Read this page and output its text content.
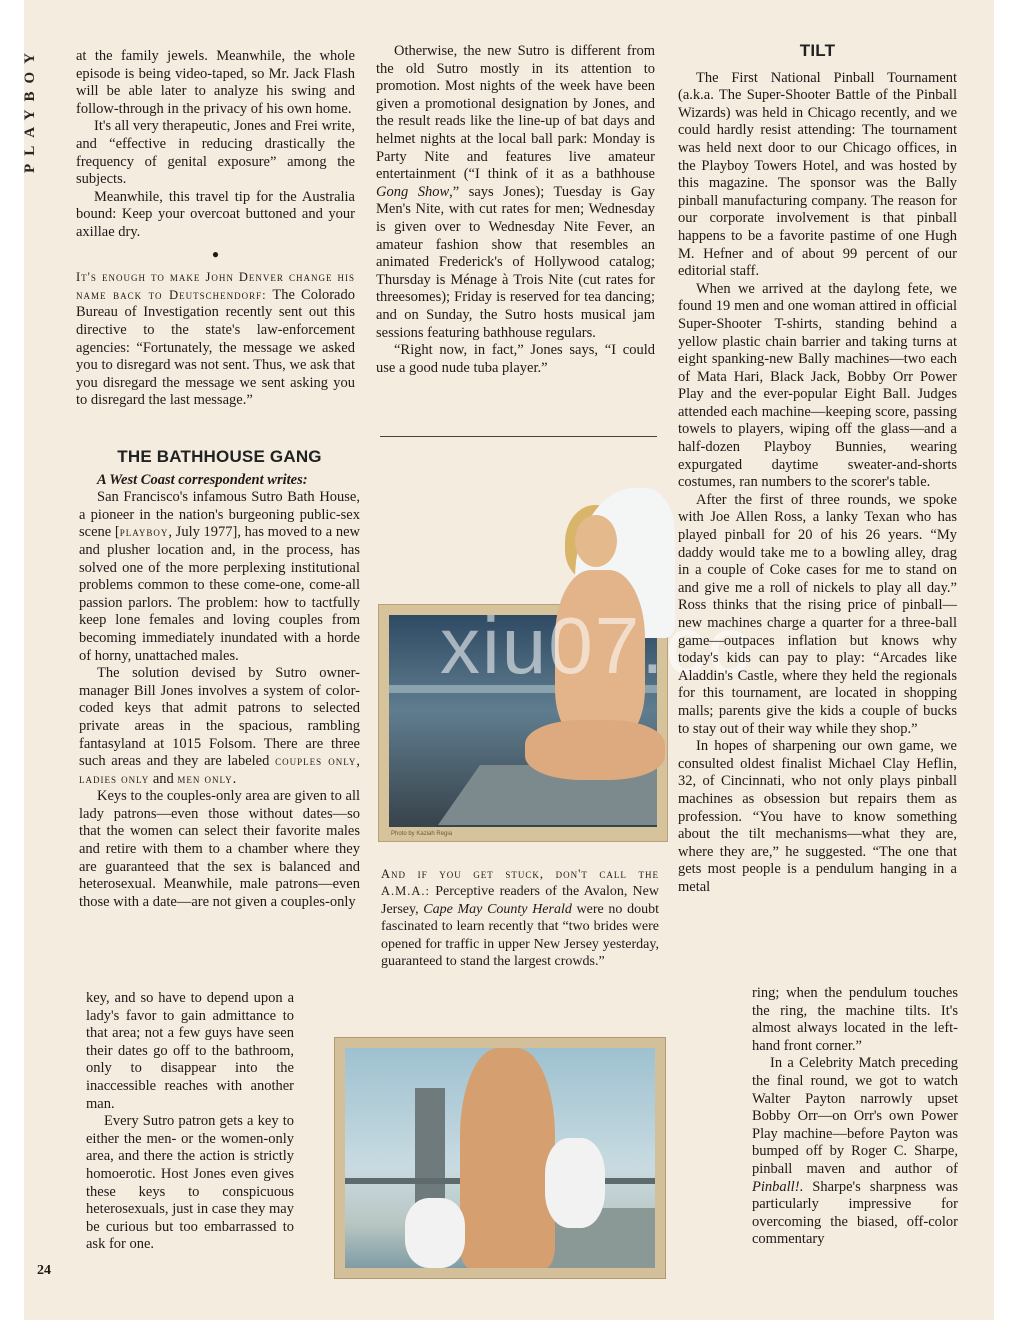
PLAYBOY
24

at the family jewels. Meanwhile, the whole episode is being video-taped, so Mr. Jack Flash will be able later to analyze his swing and follow-through in the privacy of his own home.

It's all very therapeutic, Jones and Frei write, and “effective in reducing drastically the frequency of genital exposure” among the subjects.

Meanwhile, this travel tip for the Australia bound: Keep your overcoat buttoned and your axillae dry.

●

It's enough to make John Denver change his name back to Deutschendorf: The Colorado Bureau of Investigation recently sent out this directive to the state's law-enforcement agencies: “Fortunately, the message we asked you to disregard was not sent. Thus, we ask that you disregard the message we sent asking you to disregard the last message.”

THE BATHHOUSE GANG

A West Coast correspondent writes:

San Francisco's infamous Sutro Bath House, a pioneer in the nation's burgeoning public-sex scene [playboy, July 1977], has moved to a new and plusher location and, in the process, has solved one of the more perplexing institutional problems common to these come-one, come-all passion parlors. The problem: how to tactfully keep lone females and loving couples from becoming immediately inundated with a horde of horny, unattached males.

The solution devised by Sutro owner-manager Bill Jones involves a system of color-coded keys that admit patrons to selected private areas in the spacious, rambling fantasyland at 1015 Folsom. There are three such areas and they are labeled couples only, ladies only and men only.

Keys to the couples-only area are given to all lady patrons—even those without dates—so that the women can select their favorite males and retire with them to a chamber where they are guaranteed that the sex is balanced and heterosexual. Meanwhile, male patrons—even those with a date—are not given a couples-only

key, and so have to depend upon a lady's favor to gain admittance to that area; not a few guys have seen their dates go off to the bathroom, only to disappear into the inaccessible reaches with another man.

Every Sutro patron gets a key to either the men- or the women-only area, and there the action is strictly homoerotic. Host Jones even gives these keys to conspicuous heterosexuals, just in case they may be curious but too embarrassed to ask for one.

Otherwise, the new Sutro is different from the old Sutro mostly in its attention to promotion. Most nights of the week have been given a promotional designation by Jones, and the result reads like the line-up of bat days and helmet nights at the local ball park: Monday is Party Nite and features live amateur entertainment (“I think of it as a bathhouse Gong Show,” says Jones); Tuesday is Gay Men's Nite, with cut rates for men; Wednesday is given over to Wednesday Nite Fever, an amateur fashion show that resembles an animated Frederick's of Hollywood catalog; Thursday is Ménage à Trois Nite (cut rates for threesomes); Friday is reserved for tea dancing; and on Sunday, the Sutro hosts musical jam sessions featuring bathhouse regulars.

“Right now, in fact,” Jones says, “I could use a good nude tuba player.”

Photo by Kaziah Regia
xiu07.co

And if you get stuck, don't call the A.M.A.: Perceptive readers of the Avalon, New Jersey, Cape May County Herald were no doubt fascinated to learn recently that “two brides were opened for traffic in upper New Jersey yesterday, guaranteed to stand the largest crowds.”

TILT

The First National Pinball Tournament (a.k.a. The Super-Shooter Battle of the Pinball Wizards) was held in Chicago recently, and we could hardly resist attending: The tournament was held next door to our Chicago offices, in the Playboy Towers Hotel, and was hosted by this magazine. The sponsor was the Bally pinball manufacturing company. The reason for our corporate involvement is that pinball happens to be a favorite pastime of one Hugh M. Hefner and of about 99 percent of our editorial staff.

When we arrived at the daylong fete, we found 19 men and one woman attired in official Super-Shooter T-shirts, standing behind a yellow plastic chain barrier and taking turns at eight spanking-new Bally machines—two each of Mata Hari, Black Jack, Bobby Orr Power Play and the ever-popular Eight Ball. Judges attended each machine—keeping score, passing towels to players, wiping off the glass—and a half-dozen Playboy Bunnies, wearing expurgated daytime sweater-and-shorts costumes, ran numbers to the scorer's table.

After the first of three rounds, we spoke with Joe Allen Ross, a lanky Texan who has played pinball for 20 of his 26 years. “My daddy would take me to a bowling alley, drag in a couple of Coke cases for me to stand on and give me a roll of nickels to play all day.” Ross thinks that the rising price of pinball—new machines charge a quarter for a three-ball game—outpaces inflation but knows why today's kids can pay to play: “Arcades like Aladdin's Castle, where they held the regionals for this tournament, are located in shopping malls; parents give the kids a couple of bucks to stay out of their way while they shop.”

In hopes of sharpening our own game, we consulted oldest finalist Michael Clay Heflin, 32, of Cincinnati, who not only plays pinball machines as obsession but repairs them as profession. “You have to know something about the tilt mechanisms—what they are, where they are,” he suggested. “The one that gets most people is a pendulum hanging in a metal

ring; when the pendulum touches the ring, the machine tilts. It's almost always located in the left-hand front corner.”

In a Celebrity Match preceding the final round, we got to watch Walter Payton narrowly upset Bobby Orr—on Orr's own Power Play machine—before Payton was bumped off by Roger C. Sharpe, pinball maven and author of Pinball!. Sharpe's sharpness was particularly impressive for overcoming the biased, off-color commentary
